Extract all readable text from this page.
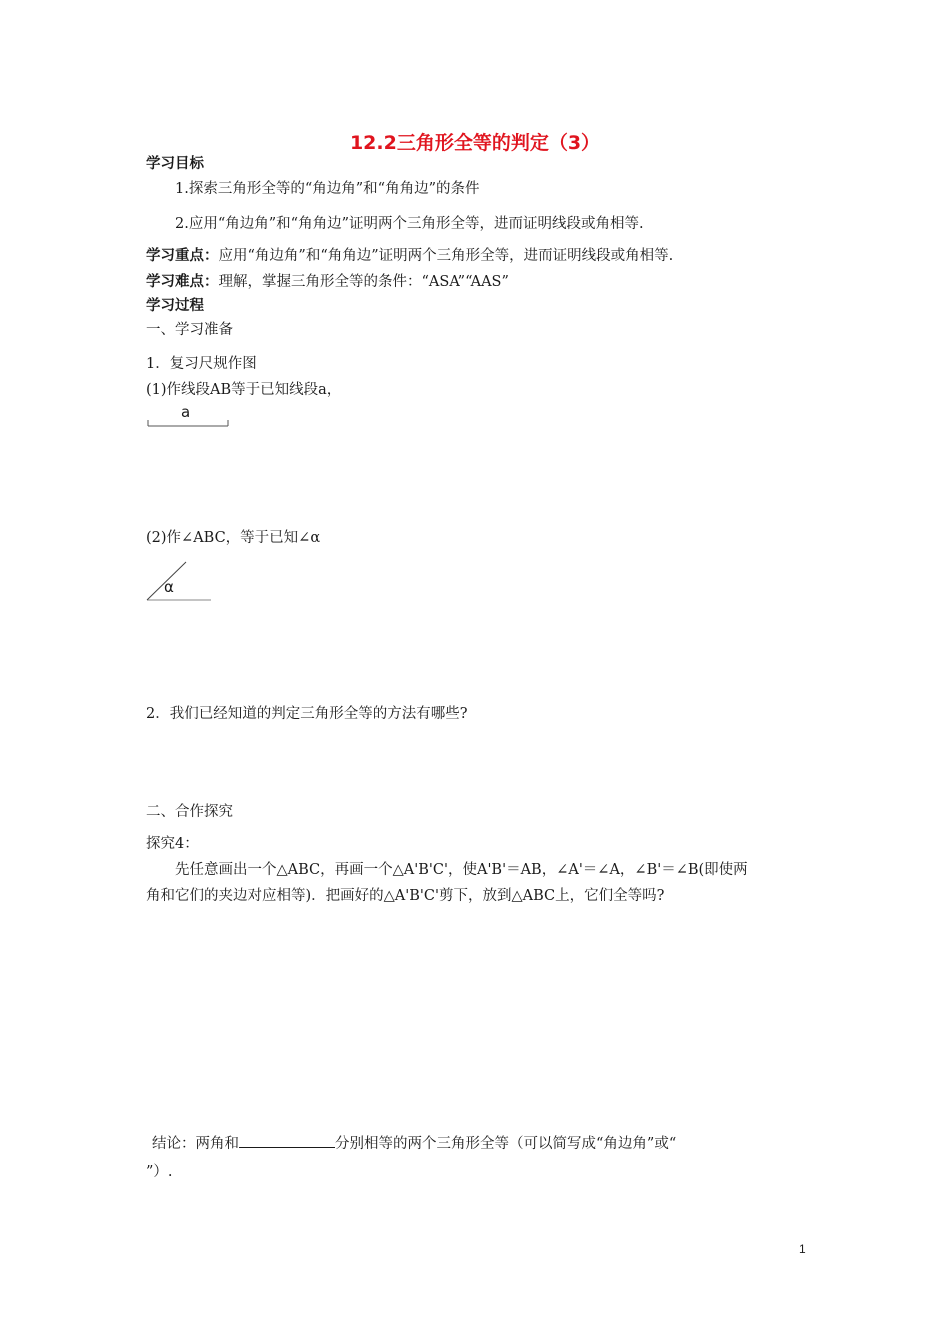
12.2三角形全等的判定（3）
学习目标
1.探索三角形全等的“角边角”和“角角边”的条件
2.应用“角边角”和“角角边”证明两个三角形全等，进而证明线段或角相等.
学习重点：应用“角边角”和“角角边”证明两个三角形全等，进而证明线段或角相等.
学习难点：理解，掌握三角形全等的条件：“ASA”“AAS”
学习过程
一、学习准备
1．复习尺规作图
(1)作线段AB等于已知线段a，
a
(2)作∠ABC，等于已知∠α
α
2．我们已经知道的判定三角形全等的方法有哪些?
二、合作探究
探究4：
先任意画出一个△ABC，再画一个△A'B'C'，使A'B'＝AB，∠A'＝∠A，∠B'＝∠B(即使两
角和它们的夹边对应相等)．把画好的△A'B'C'剪下，放到△ABC上，它们全等吗?
结论：两角和	分别相等的两个三角形全等（可以简写成“角边角”或“
”）.
1
